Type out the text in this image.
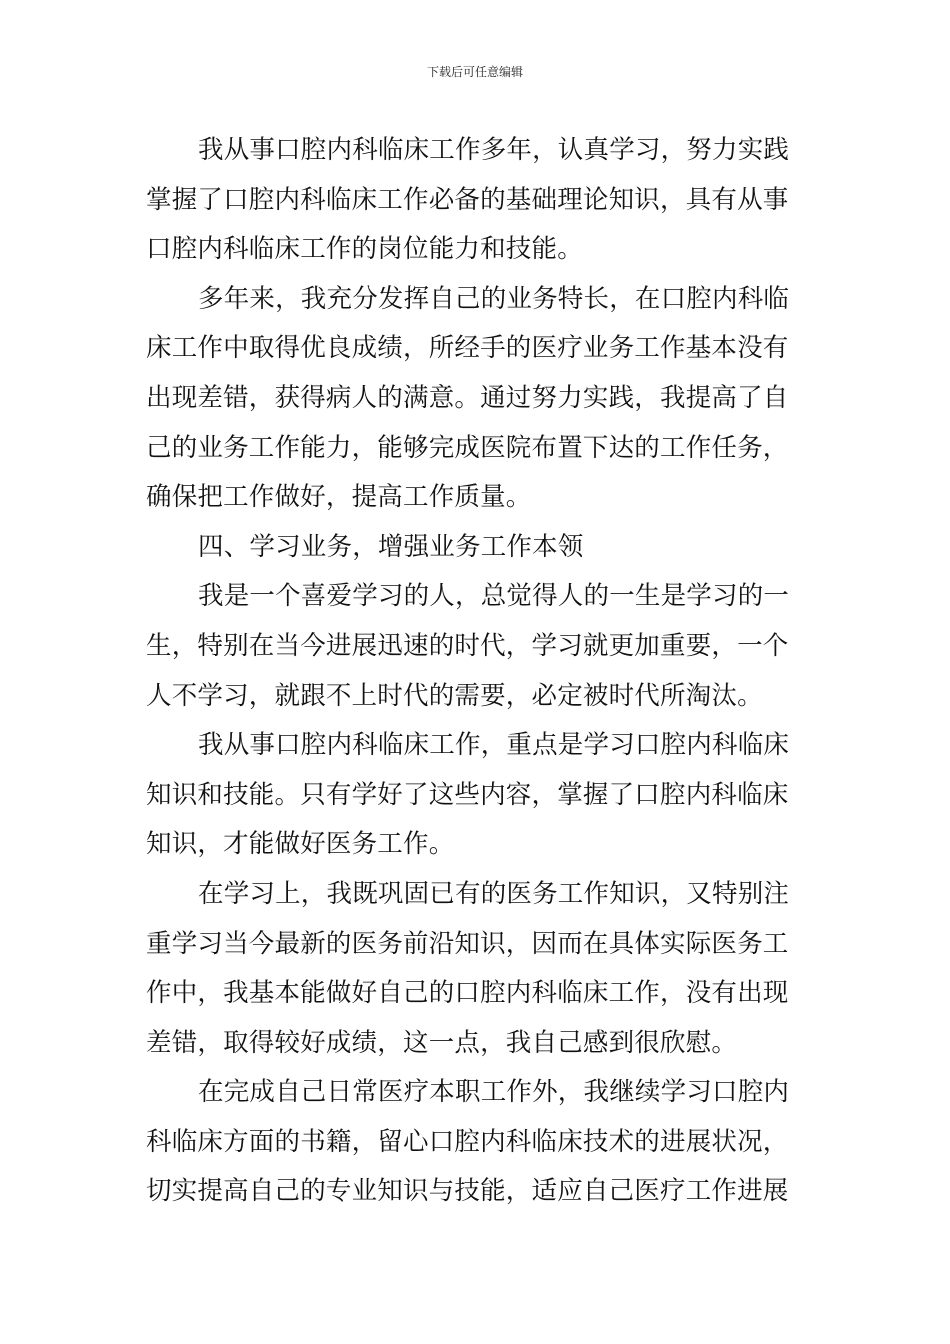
下载后可任意编辑
我从事口腔内科临床工作多年，认真学习，努力实践
掌握了口腔内科临床工作必备的基础理论知识，具有从事
口腔内科临床工作的岗位能力和技能。
多年来，我充分发挥自己的业务特长，在口腔内科临
床工作中取得优良成绩，所经手的医疗业务工作基本没有
出现差错，获得病人的满意。通过努力实践，我提高了自
己的业务工作能力，能够完成医院布置下达的工作任务，
确保把工作做好，提高工作质量。
四、学习业务，增强业务工作本领
我是一个喜爱学习的人，总觉得人的一生是学习的一
生，特别在当今进展迅速的时代，学习就更加重要，一个
人不学习，就跟不上时代的需要，必定被时代所淘汰。
我从事口腔内科临床工作，重点是学习口腔内科临床
知识和技能。只有学好了这些内容，掌握了口腔内科临床
知识，才能做好医务工作。
在学习上，我既巩固已有的医务工作知识，又特别注
重学习当今最新的医务前沿知识，因而在具体实际医务工
作中，我基本能做好自己的口腔内科临床工作，没有出现
差错，取得较好成绩，这一点，我自己感到很欣慰。
在完成自己日常医疗本职工作外，我继续学习口腔内
科临床方面的书籍，留心口腔内科临床技术的进展状况，
切实提高自己的专业知识与技能，适应自己医疗工作进展
